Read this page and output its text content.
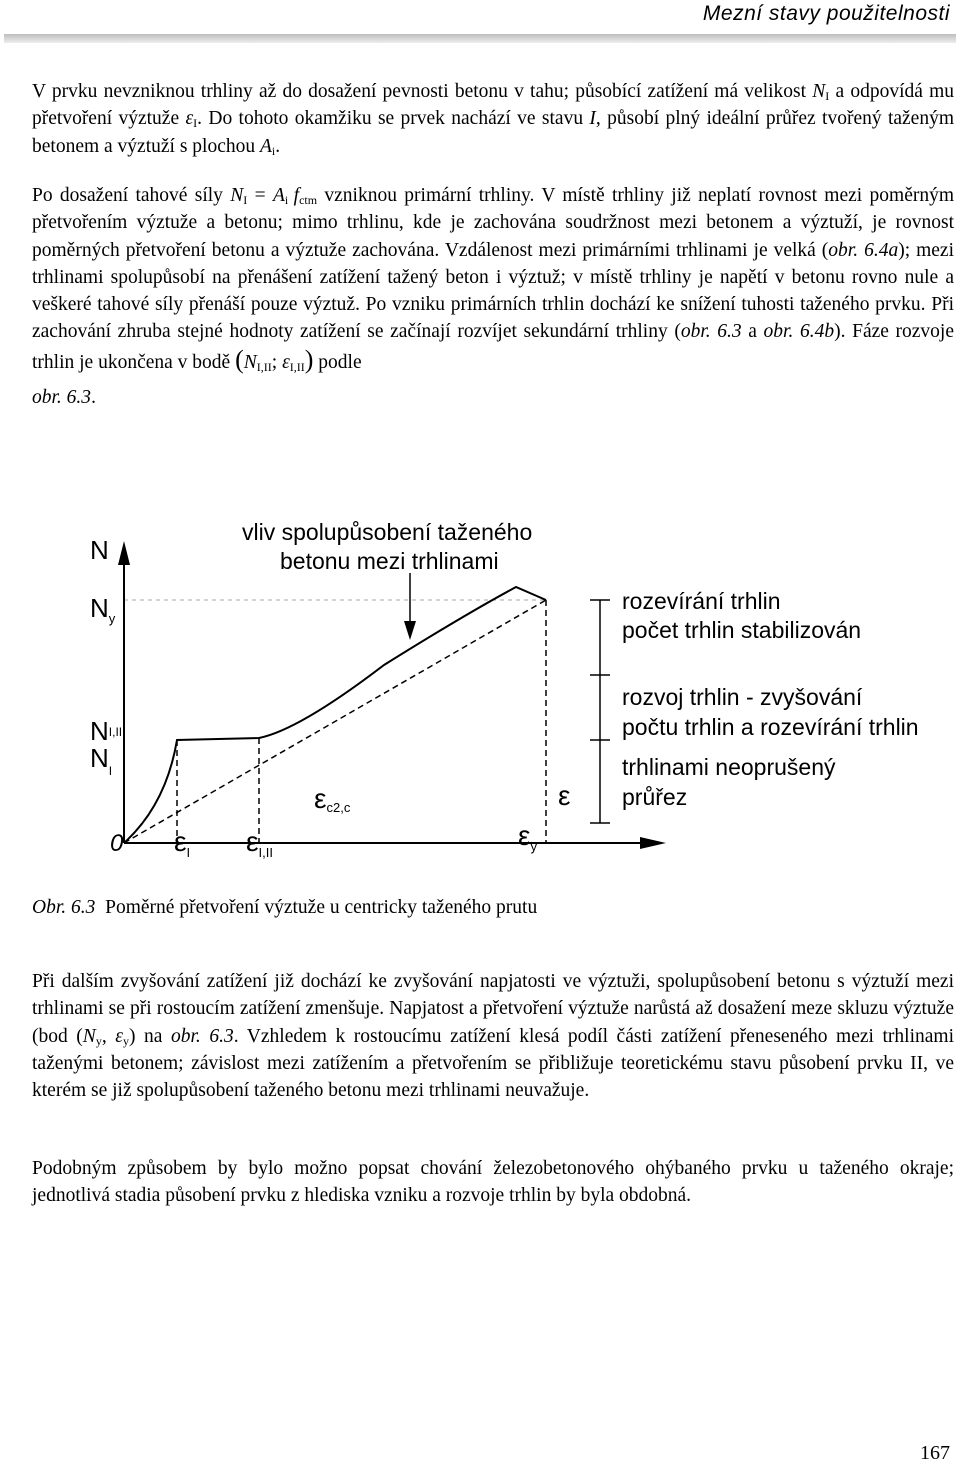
Mezní stavy použitelnosti

V prvku nevzniknou trhliny až do dosažení pevnosti betonu v tahu; působící zatížení má velikost $N_I$ a odpovídá mu přetvoření výztuže $\varepsilon_I$. Do tohoto okamžiku se prvek nachází ve stavu I, působí plný ideální průřez tvořený taženým betonem a výztuží s plochou $A_i$.

Po dosažení tahové síly $N_I = A_i$ $f_{ctm}$ vzniknou primární trhliny. V místě trhliny již neplatí rovnost mezi poměrným přetvořením výztuže a betonu; mimo trhlinu, kde je zachována soudržnost mezi betonem a výztuží, je rovnost poměrných přetvoření betonu a výztuže zachována. Vzdálenost mezi primárními trhlinami je velká (obr. 6.4a); mezi trhlinami spolupůsobí na přenášení zatížení tažený beton i výztuž; v místě trhliny je napětí v betonu rovno nule a veškeré tahové síly přenáší pouze výztuž. Po vzniku primárních trhlin dochází ke snížení tuhosti taženého prvku. Při zachování zhruba stejné hodnoty zatížení se začínají rozvíjet sekundární trhliny (obr. 6.3 a obr. 6.4b). Fáze rozvoje trhlin je ukončena v bodě ($N_{I,II}$; $\varepsilon_{I,II}$) podle
obr. 6.3.

N
$N_y$
NI,II
$N_I$
0 $\varepsilon_I$ $\varepsilon_{I,II}$
$\varepsilon_y$
εc2,c	ε
vliv spolupůsobení taženého
betonu mezi trhlinami
rozevírání trhlin
počet trhlin stabilizován
rozvoj trhlin - zvyšování
počtu trhlin a rozevírání trhlin
trhlinami neoprušený
průřez
Obr. 6.3 Poměrné přetvoření výztuže u centricky taženého prutu

Při dalším zvyšování zatížení již dochází ke zvyšování napjatosti ve výztuži, spolupůsobení betonu s výztuží mezi trhlinami se při rostoucím zatížení zmenšuje. Napjatost a přetvoření výztuže narůstá až dosažení meze skluzu výztuže (bod ($N_y$, $\varepsilon_y$) na obr. 6.3. Vzhledem k rostoucímu zatížení klesá podíl části zatížení přeneseného mezi trhlinami taženými betonem; závislost mezi zatížením a přetvořením se přibližuje teoretickému stavu působení prvku II, ve kterém se již spolupůsobení taženého betonu mezi trhlinami neuvažuje.

Podobným způsobem by bylo možno popsat chování železobetonového ohýbaného prvku u taženého okraje; jednotlivá stadia působení prvku z hlediska vzniku a rozvoje trhlin by byla obdobná.

167
